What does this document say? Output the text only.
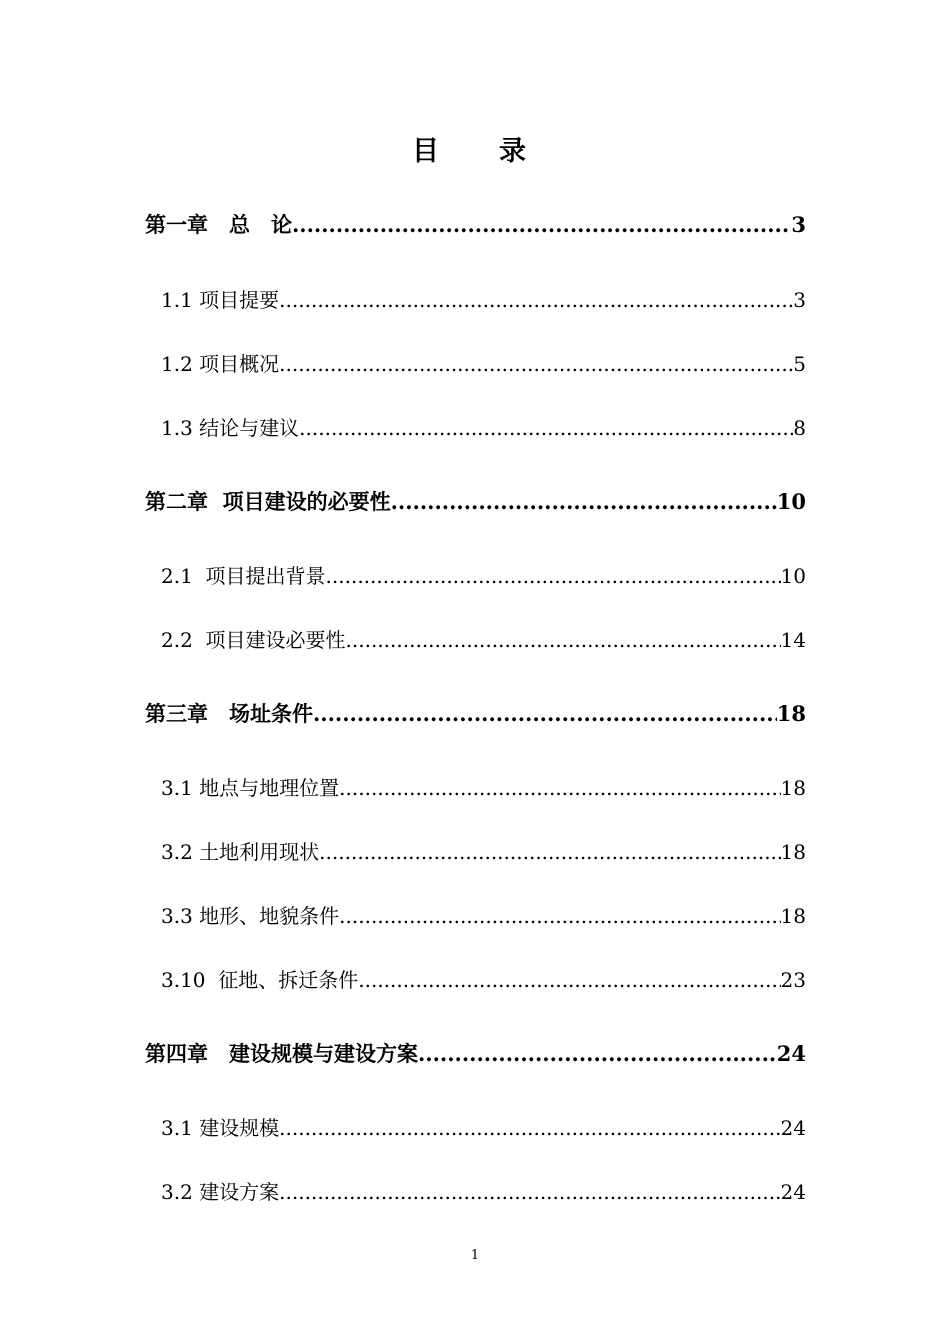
目录
第一章　总　论 .....	3
1.1 项目提要 .....	3
1.2 项目概况 .....	5
1.3 结论与建议 .....	8
第二章  项目建设的必要性 .....	10
2.1  项目提出背景 .....	10
2.2  项目建设必要性 .....	14
第三章　场址条件 .....	18
3.1 地点与地理位置 .....	18
3.2 土地利用现状 .....	18
3.3 地形、地貌条件 .....	18
3.10  征地、拆迁条件 .....	23
第四章　建设规模与建设方案 .....	24
3.1 建设规模 .....	24
3.2 建设方案 .....	24
1
